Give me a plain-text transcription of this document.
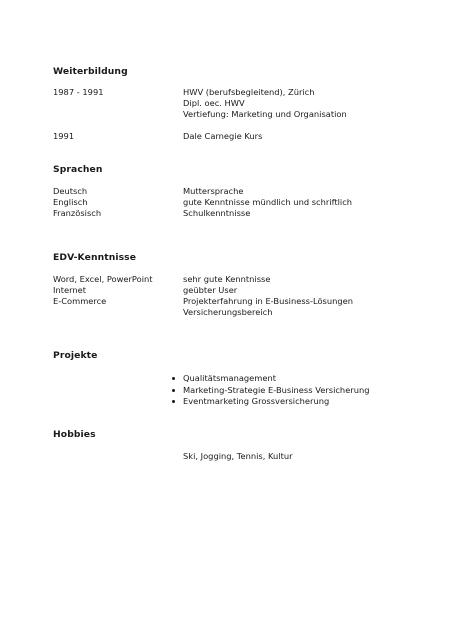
Weiterbildung
1987 - 1991	HWV (berufsbegleitend), Zürich
Dipl. oec. HWV
Vertiefung: Marketing und Organisation
1991	Dale Carnegie Kurs
Sprachen
Deutsch	Muttersprache
Englisch	gute Kenntnisse mündlich und schriftlich
Französisch	Schulkenntnisse
EDV-Kenntnisse
Word, Excel, PowerPoint	sehr gute Kenntnisse
Internet	geübter User
E-Commerce	Projekterfahrung in E-Business-Lösungen
Versicherungsbereich
Projekte
Qualitätsmanagement
Marketing-Strategie E-Business Versicherung
Eventmarketing Grossversicherung
Hobbies
Ski, Jogging, Tennis, Kultur
